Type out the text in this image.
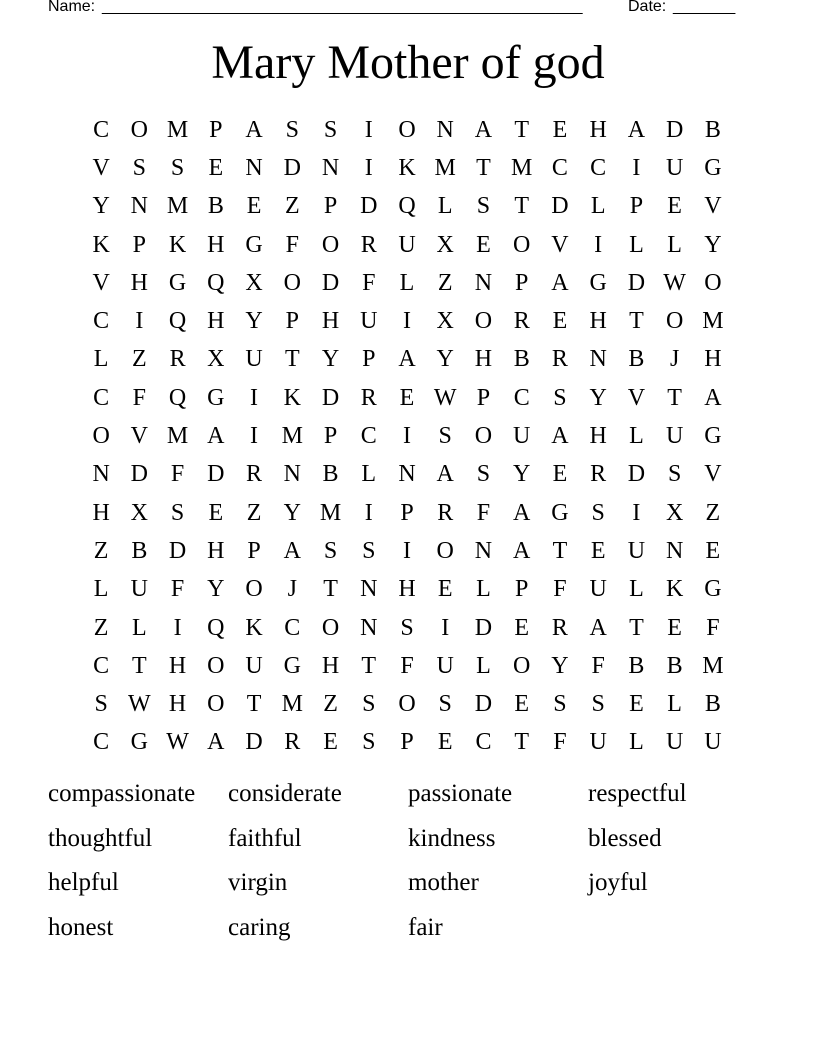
Name: ______________________________________________________	Date: _______
Mary Mother of god
C O M P A S	S	I	O N A T E H A D B
V S	S	E N D N	I	K M T M C C	I	U G
Y N M B E Z	P D Q L	S	T D L	P	E V
K P K H G F O R U X E O V	I	L L Y
V H G Q X O D F	L Z N P A G D W O
C	I	Q H Y P H U	I	X O R E H T O M
L Z R X U T Y P A Y H B R N B	J	H
C F Q G	I	K D R E W P C S Y V T A
O V M A	I M P C	I	S O U A H L U G
N D F D R N B L N A S Y E R D S V
H X S	E Z Y M I	P R F A G S	I	X Z
Z B D H P A S	S	I	O N A T E U N E
L U F Y O	J	T N H E L	P	F U L K G
Z L	I	Q K C O N S	I	D E R A T E	F
C T H O U G H T	F U L O Y F B B M
S W H O T M Z	S O S D E	S	S	E L B
C G W A D R E	S	P	E C T	F U L U U
compassionate	considerate	passionate	respectful
thoughtful	faithful	kindness	blessed
helpful	virgin	mother	joyful
honest	caring	fair
